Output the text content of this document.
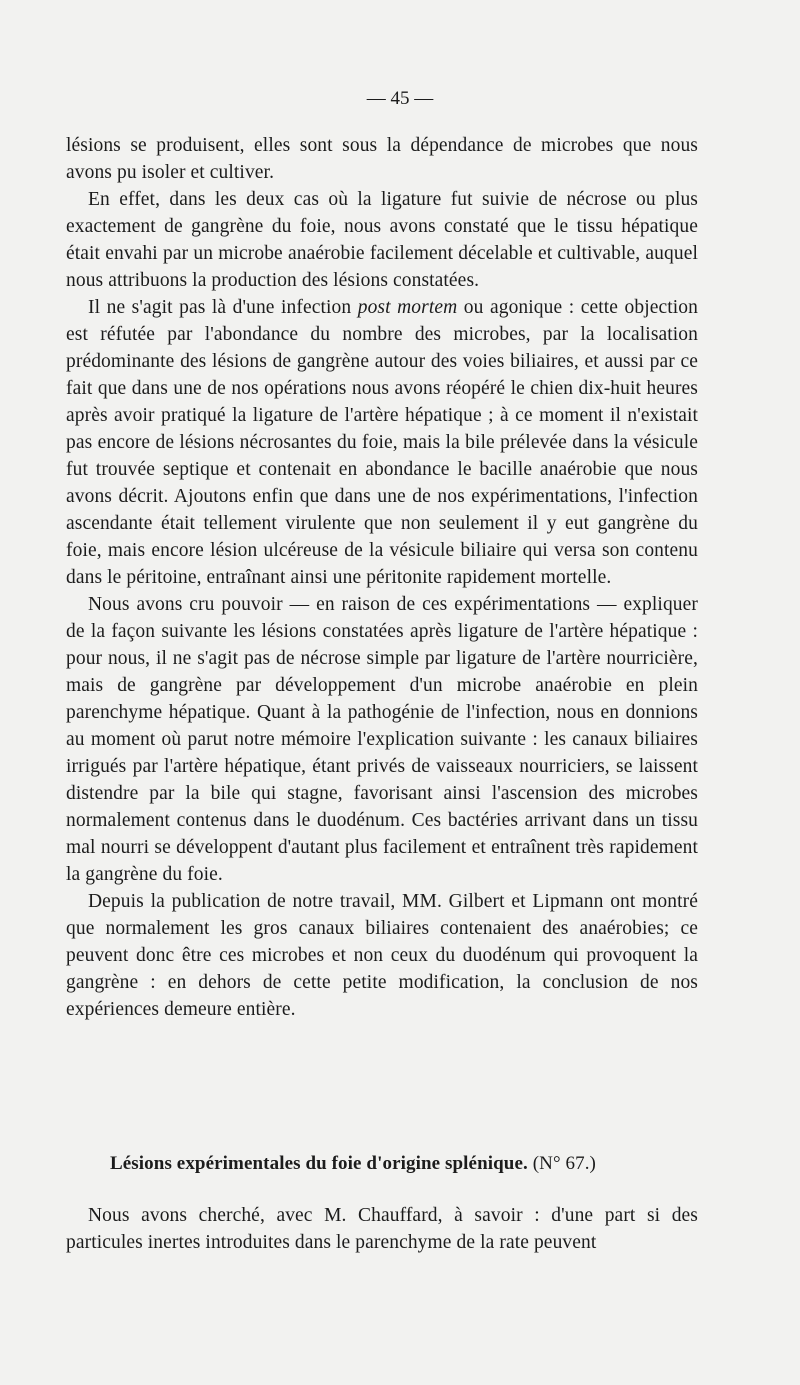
— 45 —

lésions se produisent, elles sont sous la dépendance de microbes que nous avons pu isoler et cultiver.

En effet, dans les deux cas où la ligature fut suivie de nécrose ou plus exactement de gangrène du foie, nous avons constaté que le tissu hépatique était envahi par un microbe anaérobie facilement décelable et cultivable, auquel nous attribuons la production des lésions constatées.

Il ne s'agit pas là d'une infection post mortem ou agonique : cette objection est réfutée par l'abondance du nombre des microbes, par la localisation prédominante des lésions de gangrène autour des voies biliaires, et aussi par ce fait que dans une de nos opérations nous avons réopéré le chien dix-huit heures après avoir pratiqué la ligature de l'artère hépatique ; à ce moment il n'existait pas encore de lésions nécrosantes du foie, mais la bile prélevée dans la vésicule fut trouvée septique et contenait en abondance le bacille anaérobie que nous avons décrit. Ajoutons enfin que dans une de nos expérimentations, l'infection ascendante était tellement virulente que non seulement il y eut gangrène du foie, mais encore lésion ulcéreuse de la vésicule biliaire qui versa son contenu dans le péritoine, entraînant ainsi une péritonite rapidement mortelle.

Nous avons cru pouvoir — en raison de ces expérimentations — expliquer de la façon suivante les lésions constatées après ligature de l'artère hépatique : pour nous, il ne s'agit pas de nécrose simple par ligature de l'artère nourricière, mais de gangrène par développement d'un microbe anaérobie en plein parenchyme hépatique. Quant à la pathogénie de l'infection, nous en donnions au moment où parut notre mémoire l'explication suivante : les canaux biliaires irrigués par l'artère hépatique, étant privés de vaisseaux nourriciers, se laissent distendre par la bile qui stagne, favorisant ainsi l'ascension des microbes normalement contenus dans le duodénum. Ces bactéries arrivant dans un tissu mal nourri se développent d'autant plus facilement et entraînent très rapidement la gangrène du foie.

Depuis la publication de notre travail, MM. Gilbert et Lipmann ont montré que normalement les gros canaux biliaires contenaient des anaérobies; ce peuvent donc être ces microbes et non ceux du duodénum qui provoquent la gangrène : en dehors de cette petite modification, la conclusion de nos expériences demeure entière.

Lésions expérimentales du foie d'origine splénique. (N° 67.)

Nous avons cherché, avec M. Chauffard, à savoir : d'une part si des particules inertes introduites dans le parenchyme de la rate peuvent
